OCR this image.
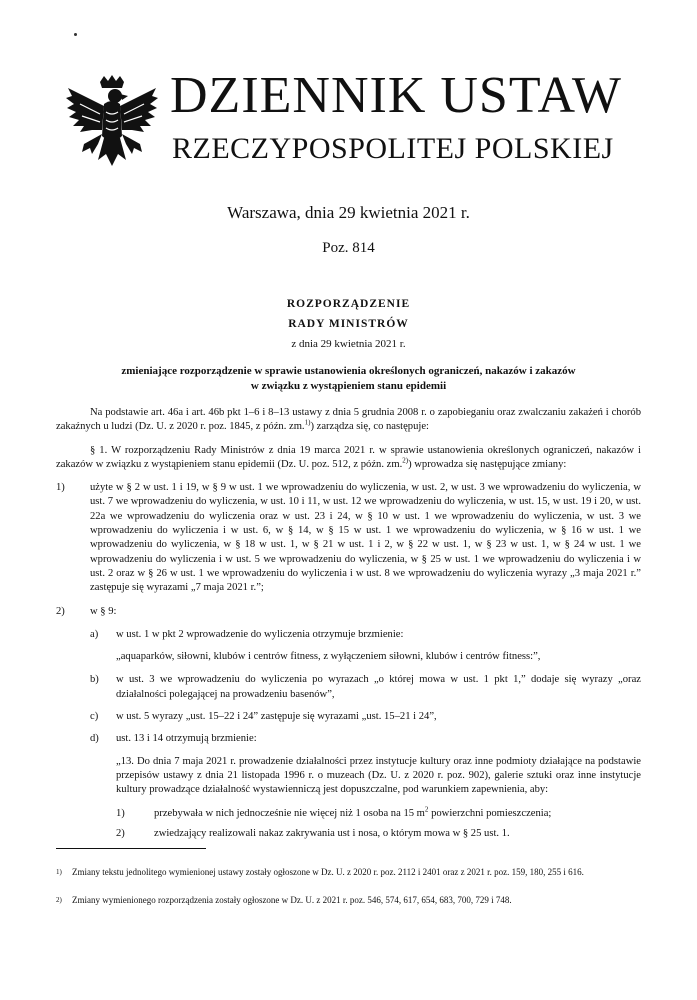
DZIENNIK USTAW
RZECZYPOSPOLITEJ POLSKIEJ
Warszawa, dnia 29 kwietnia 2021 r.
Poz. 814
ROZPORZĄDZENIE
RADY MINISTRÓW
z dnia 29 kwietnia 2021 r.
zmieniające rozporządzenie w sprawie ustanowienia określonych ograniczeń, nakazów i zakazów
w związku z wystąpieniem stanu epidemii

Na podstawie art. 46a i art. 46b pkt 1–6 i 8–13 ustawy z dnia 5 grudnia 2008 r. o zapobieganiu oraz zwalczaniu zakażeń i chorób zakaźnych u ludzi (Dz. U. z 2020 r. poz. 1845, z późn. zm.$^{1)}$) zarządza się, co następuje:

§ 1. W rozporządzeniu Rady Ministrów z dnia 19 marca 2021 r. w sprawie ustanowienia określonych ograniczeń, nakazów i zakazów w związku z wystąpieniem stanu epidemii (Dz. U. poz. 512, z późn. zm.$^{2)}$) wprowadza się następujące zmiany:

1)	użyte w § 2 w ust. 1 i 19, w § 9 w ust. 1 we wprowadzeniu do wyliczenia, w ust. 2, w ust. 3 we wprowadzeniu do wyliczenia, w ust. 7 we wprowadzeniu do wyliczenia, w ust. 10 i 11, w ust. 12 we wprowadzeniu do wyliczenia, w ust. 15, w ust. 19 i 20, w ust. 22a we wprowadzeniu do wyliczenia oraz w ust. 23 i 24, w § 10 w ust. 1 we wprowadzeniu do wyliczenia, w ust. 3 we wprowadzeniu do wyliczenia i w ust. 6, w § 14, w § 15 w ust. 1 we wprowadzeniu do wyliczenia, w § 16 w ust. 1 we wprowadzeniu do wyliczenia, w § 18 w ust. 1, w § 21 w ust. 1 i 2, w § 22 w ust. 1, w § 23 w ust. 1, w § 24 w ust. 1 we wprowadzeniu do wyliczenia i w ust. 5 we wprowadzeniu do wyliczenia, w § 25 w ust. 1 we wprowadzeniu do wyliczenia i w ust. 2 oraz w § 26 w ust. 1 we wprowadzeniu do wyliczenia i w ust. 8 we wprowadzeniu do wyliczenia wyrazy „3 maja 2021 r.” zastępuje się wyrazami „7 maja 2021 r.”;
2)	w § 9:
a)	w ust. 1 w pkt 2 wprowadzenie do wyliczenia otrzymuje brzmienie:
„aquaparków, siłowni, klubów i centrów fitness, z wyłączeniem siłowni, klubów i centrów fitness:”,
b)	w ust. 3 we wprowadzeniu do wyliczenia po wyrazach „o której mowa w ust. 1 pkt 1,” dodaje się wyrazy „oraz działalności polegającej na prowadzeniu basenów”,
c)	w ust. 5 wyrazy „ust. 15–22 i 24” zastępuje się wyrazami „ust. 15–21 i 24”,
d)	ust. 13 i 14 otrzymują brzmienie:
„13. Do dnia 7 maja 2021 r. prowadzenie działalności przez instytucje kultury oraz inne podmioty działające na podstawie przepisów ustawy z dnia 21 listopada 1996 r. o muzeach (Dz. U. z 2020 r. poz. 902), galerie sztuki oraz inne instytucje kultury prowadzące działalność wystawienniczą jest dopuszczalne, pod warunkiem zapewnienia, aby:
1)	przebywała w nich jednocześnie nie więcej niż 1 osoba na 15 $m^2$ powierzchni pomieszczenia;
2)	zwiedzający realizowali nakaz zakrywania ust i nosa, o którym mowa w § 25 ust. 1.
1)	Zmiany tekstu jednolitego wymienionej ustawy zostały ogłoszone w Dz. U. z 2020 r. poz. 2112 i 2401 oraz z 2021 r. poz. 159, 180, 255 i 616.
2)	Zmiany wymienionego rozporządzenia zostały ogłoszone w Dz. U. z 2021 r. poz. 546, 574, 617, 654, 683, 700, 729 i 748.
